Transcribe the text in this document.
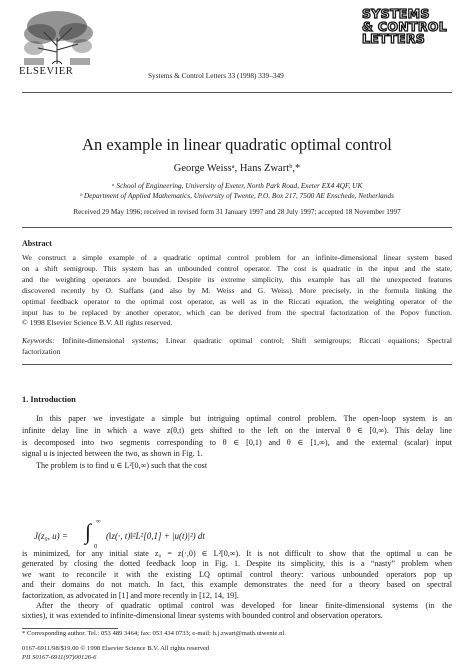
ELSEVIER	Systems & Control Letters 33 (1998) 339–349
SYSTEMS
& CONTROL
LETTERS
An example in linear quadratic optimal control
George Weissᵃ, Hans Zwartᵇ,*
ᵃ School of Engineering, University of Exeter, North Park Road, Exeter EX4 4QF, UK
ᵇ Department of Applied Mathematics, University of Twente, P.O. Box 217, 7500 AE Enschede, Netherlands
Received 29 May 1996; received in revised form 31 January 1997 and 28 July 1997; accepted 18 November 1997
Abstract
We construct a simple example of a quadratic optimal control problem for an infinite-dimensional linear system based
on a shift semigroup. This system has an unbounded control operator. The cost is quadratic in the input and the state,
and the weighting operators are bounded. Despite its extreme simplicity, this example has all the unexpected features
discovered recently by O. Staffans (and also by M. Weiss and G. Weiss). More precisely, in the formula linking the
optimal feedback operator to the optimal cost operator, as well as in the Riccati equation, the weighting operator of the
input has to be replaced by another operator, which can be derived from the spectral factorization of the Popov function.
© 1998 Elsevier Science B.V. All rights reserved.
Keywords: Infinite-dimensional systems; Linear quadratic optimal control; Shift semigroups; Riccati equations; Spectral
factorization
1. Introduction
In this paper we investigate a simple but intriguing optimal control problem. The open-loop system is an
infinite delay line in which a wave z(θ,t) gets shifted to the left on the interval θ ∈ [0,∞). This delay line
is decomposed into two segments corresponding to θ ∈ [0,1) and θ ∈ [1,∞), and the external (scalar) input
signal u is injected between the two, as shown in Fig. 1.
The problem is to find u ∈ L²[0,∞) such that the cost
J(z₀, u) = ∫ ∞
0
(‖z(·, t)‖²L²[0,1] + |u(t)|²) dt
is minimized, for any initial state z₀ = z(·,0) ∈ L²[0,∞). It is not difficult to show that the optimal u can be
generated by closing the dotted feedback loop in Fig. 1. Despite its simplicity, this is a “nasty” problem when
we want to reconcile it with the existing LQ optimal control theory: various unbounded operators pop up
and their domains do not match. In fact, this example demonstrates the need for a theory based on spectral
factorization, as advocated in [1] and more recently in [12, 14, 19].
After the theory of quadratic optimal control was developed for linear finite-dimensional systems (in the
sixties), it was extended to infinite-dimensional linear systems with bounded control and observation operators.
* Corresponding author. Tel.: 053 489 3464; fax: 053 434 0733; e-mail: h.j.zwart@math.utwente.nl.
0167-6911/98/$19.00 © 1998 Elsevier Science B.V. All rights reserved
PII S0167-6911(97)00126-6
